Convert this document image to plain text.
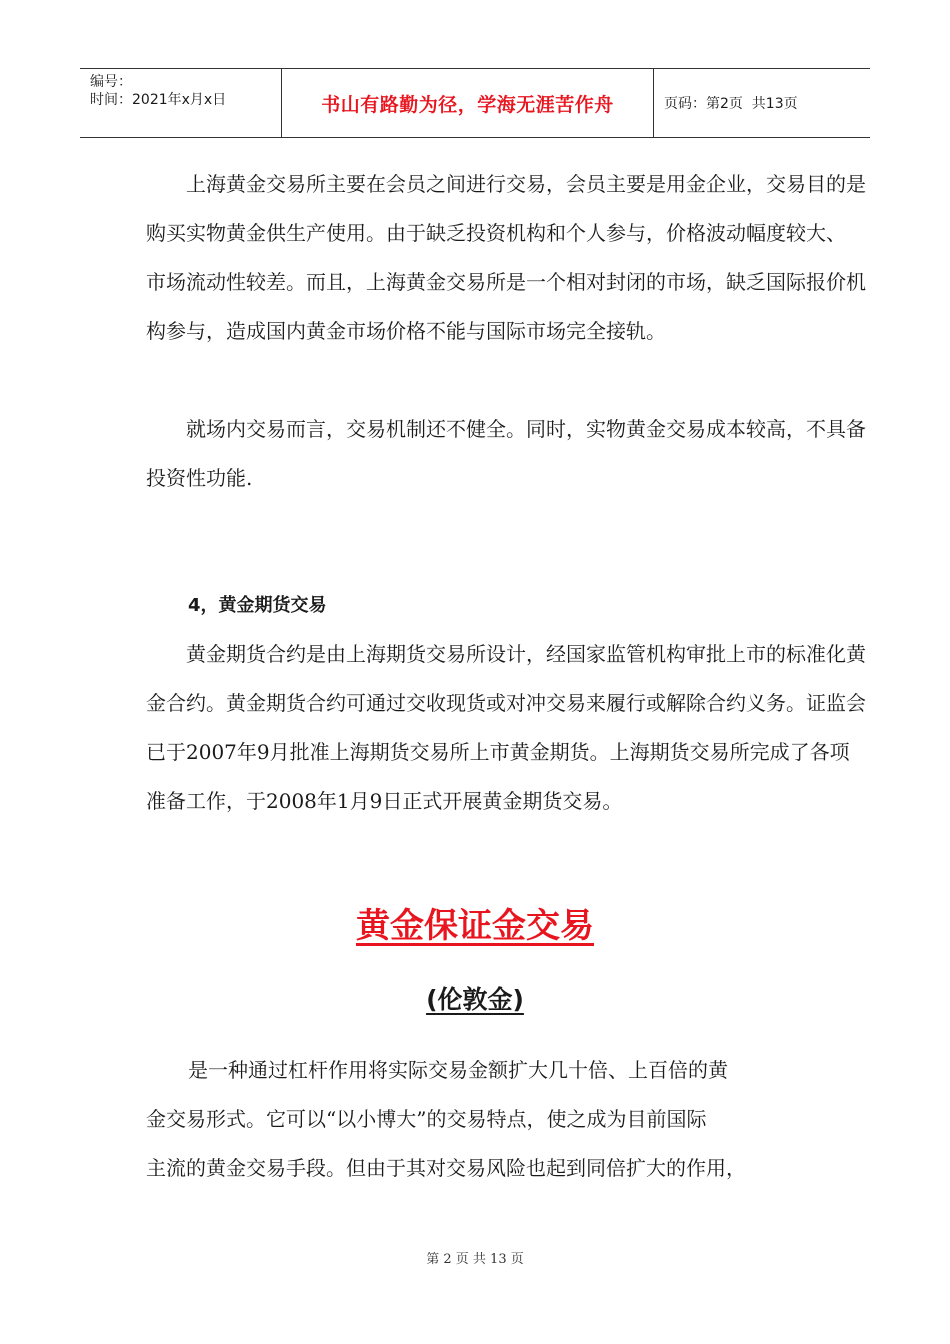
编号：
时间：2021年x月x日	书山有路勤为径，学海无涯苦作舟	页码：第2页  共13页

上海黄金交易所主要在会员之间进行交易，会员主要是用金企业，交易目的是购买实物黄金供生产使用。由于缺乏投资机构和个人参与，价格波动幅度较大、 市场流动性较差。而且，上海黄金交易所是一个相对封闭的市场，缺乏国际报价机构参与，造成国内黄金市场价格不能与国际市场完全接轨。

就场内交易而言，交易机制还不健全。同时，实物黄金交易成本较高，不具备投资性功能.

4，黄金期货交易

黄金期货合约是由上海期货交易所设计，经国家监管机构审批上市的标准化黄金合约。黄金期货合约可通过交收现货或对冲交易来履行或解除合约义务。证监会已于2007年9月批准上海期货交易所上市黄金期货。上海期货交易所完成了各项准备工作，于2008年1月9日正式开展黄金期货交易。

黄金保证金交易
(伦敦金)
是一种通过杠杆作用将实际交易金额扩大几十倍、上百倍的黄
金交易形式。它可以“以小博大”的交易特点，使之成为目前国际
主流的黄金交易手段。但由于其对交易风险也起到同倍扩大的作用，
第 2 页 共 13 页
